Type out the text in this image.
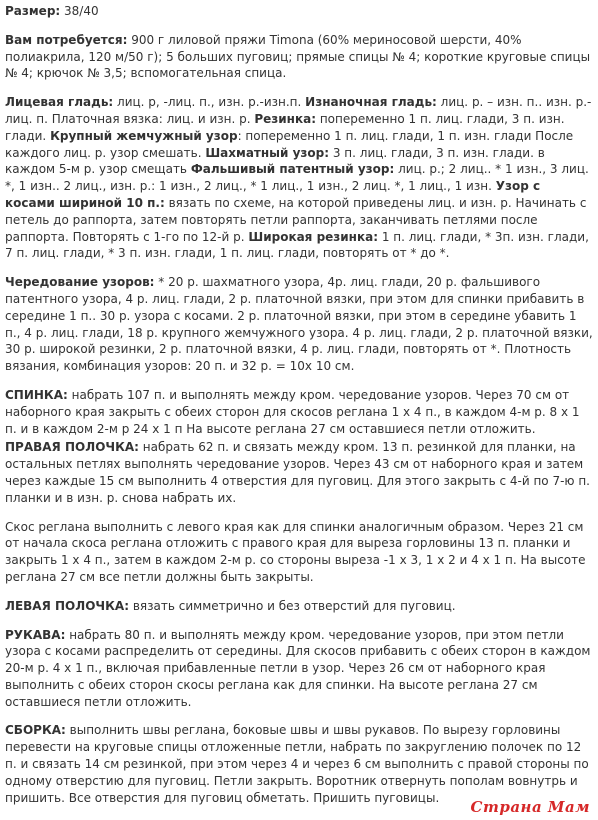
Размер: 38/40

Вам потребуется: 900 г лиловой пряжи Timona (60% мериносовой шерсти, 40% полиакрила, 120 м/50 г); 5 больших пуговиц; прямые спицы № 4; короткие круговые спицы № 4; крючок № 3,5; вспомогательная спица.

Лицевая гладь: лиц. р, -лиц. п., изн. р.-изн.п. Изнаночная гладь: лиц. р. – изн. п.. изн. р.-лиц. п. Платочная вязка: лиц. и изн. р. Резинка: попеременно 1 п. лиц. глади, 3 п. изн. глади. Крупный жемчужный узор: попеременно 1 п. лиц. глади, 1 п. изн. глади После каждого лиц. р. узор смешать. Шахматный узор: 3 п. лиц. глади, 3 п. изн. глади. в каждом 5-м р. узор смещать Фальшивый патентный узор: лиц. р.; 2 лиц.. * 1 изн., 3 лиц. *, 1 изн.. 2 лиц., изн. р.: 1 изн., 2 лиц., * 1 лиц., 1 изн., 2 лиц. *, 1 лиц., 1 изн. Узор с косами шириной 10 п.: вязать по схеме, на которой приведены лиц. и изн. р. Начинать с петель до раппорта, затем повторять петли раппорта, заканчивать петлями после раппорта. Повторять с 1-го по 12-й р. Широкая резинка: 1 п. лиц. глади, * 3п. изн. глади, 7 п. лиц. глади, * 3 п. изн. глади, 1 п. лиц. глади, повторять от * до *.

Чередование узоров: * 20 р. шахматного узора, 4р. лиц. глади, 20 р. фальшивого патентного узора, 4 р. лиц. глади, 2 р. платочной вязки, при этом для спинки прибавить в середине 1 п.. 30 р. узора с косами. 2 р. платочной вязки, при этом в середине убавить 1 п., 4 р. лиц. глади, 18 р. крупного жемчужного узора. 4 р. лиц. глади, 2 р. платочной вязки, 30 р. широкой резинки, 2 р. платочной вязки, 4 р. лиц. глади, повторять от *. Плотность вязания, комбинация узоров: 20 п. и 32 р. = 10x 10 см.

СПИНКА: набрать 107 п. и выполнять между кром. чередование узоров. Через 70 см от наборного края закрыть с обеих сторон для скосов реглана 1 х 4 п., в каждом 4-м р. 8 х 1 п. и в каждом 2-м р 24 х 1 п На высоте реглана 27 см оставшиеся петли отложить.

ПРАВАЯ ПОЛОЧКА: набрать 62 п. и связать между кром. 13 п. резинкой для планки, на остальных петлях выполнять чередование узоров. Через 43 см от наборного края и затем через каждые 15 см выполнить 4 отверстия для пуговиц. Для этого закрыть с 4-й по 7-ю п. планки и в изн. р. снова набрать их.

Скос реглана выполнить с левого края как для спинки аналогичным образом. Через 21 см от начала скоса реглана отложить с правого края для выреза горловины 13 п. планки и закрыть 1 х 4 п., затем в каждом 2-м р. со стороны выреза -1 х 3, 1 х 2 и 4 х 1 п. На высоте реглана 27 см все петли должны быть закрыты.

ЛЕВАЯ ПОЛОЧКА: вязать симметрично и без отверстий для пуговиц.

РУКАВА: набрать 80 п. и выполнять между кром. чередование узоров, при этом петли узора с косами распределить от середины. Для скосов прибавить с обеих сторон в каждом 20-м р. 4 х 1 п., включая прибавленные петли в узор. Через 26 см от наборного края выполнить с обеих сторон скосы реглана как для спинки. На высоте реглана 27 см оставшиеся петли отложить.

СБОРКА: выполнить швы реглана, боковые швы и швы рукавов. По вырезу горловины перевести на круговые спицы отложенные петли, набрать по закруглению полочек по 12 п. и связать 14 см резинкой, при этом через 4 и через 6 см выполнить с правой стороны по одному отверстию для пуговиц. Петли закрыть. Воротник отвернуть пополам вовнутрь и пришить. Все отверстия для пуговиц обметать. Пришить пуговицы.

Страна Мам
